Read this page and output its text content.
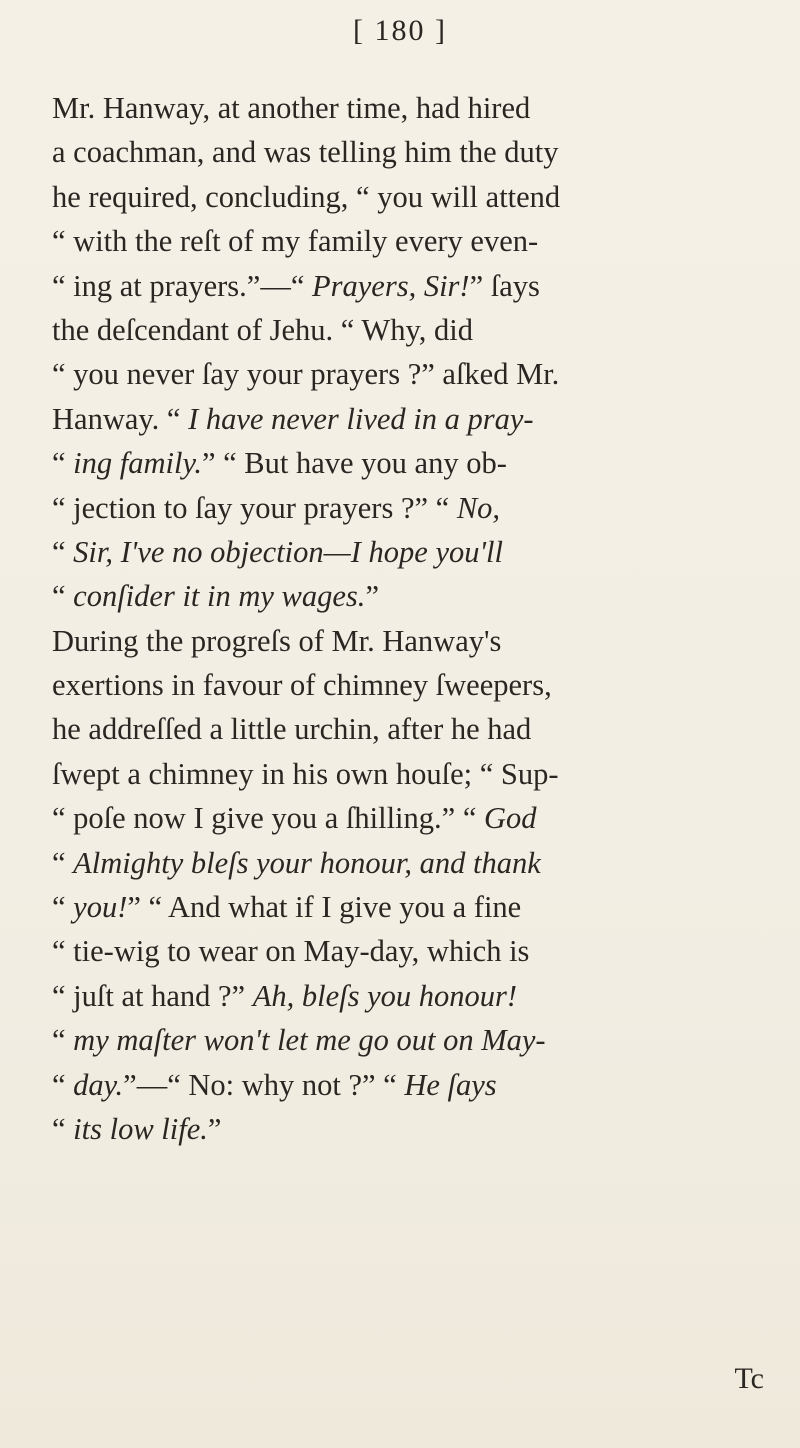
[ 180 ]
Mr. Hanway, at another time, had hired
a coachman, and was telling him the duty
he required, concluding, “ you will attend
“ with the reſt of my family every even-
“ ing at prayers.”—“ Prayers, Sir!” ſays
the deſcendant of Jehu. “ Why, did
“ you never ſay your prayers ?” aſked Mr.
Hanway. “ I have never lived in a pray-
“ ing family.” “ But have you any ob-
“ jection to ſay your prayers ?” “ No,
“ Sir, I've no objection—I hope you'll
“ conſider it in my wages.”
During the progreſs of Mr. Hanway's
exertions in favour of chimney ſweepers,
he addreſſed a little urchin, after he had
ſwept a chimney in his own houſe; “ Sup-
“ poſe now I give you a ſhilling.” “ God
“ Almighty bleſs your honour, and thank
“ you!” “ And what if I give you a fine
“ tie-wig to wear on May-day, which is
“ juſt at hand ?” Ah, bleſs you honour!
“ my maſter won't let me go out on May-
“ day.”—“ No: why not ?” “ He ſays
“ its low life.”
Tc
